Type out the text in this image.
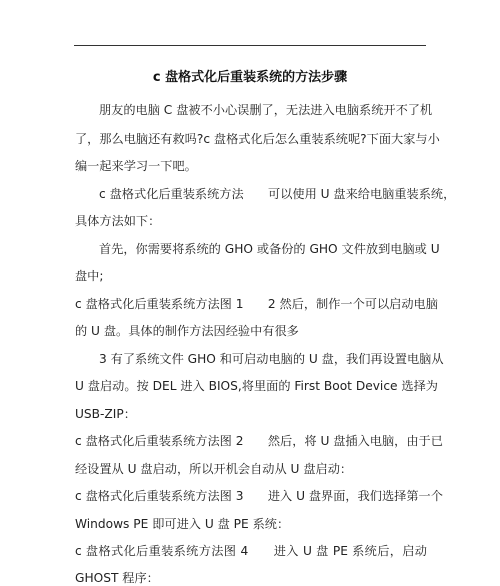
c 盘格式化后重装系统的方法步骤
朋友的电脑 C 盘被不小心误删了，无法进入电脑系统开不了机
了，那么电脑还有救吗?c 盘格式化后怎么重装系统呢?下面大家与小
编一起来学习一下吧。
c 盘格式化后重装系统方法　　可以使用 U 盘来给电脑重装系统，
具体方法如下：
首先，你需要将系统的 GHO 或备份的 GHO 文件放到电脑或 U
盘中;
c 盘格式化后重装系统方法图 1　　2 然后，制作一个可以启动电脑
的 U 盘。具体的制作方法因经验中有很多
3 有了系统文件 GHO 和可启动电脑的 U 盘，我们再设置电脑从
U 盘启动。按 DEL 进入 BIOS,将里面的 First Boot Device 选择为
USB-ZIP：
c 盘格式化后重装系统方法图 2　　然后，将 U 盘插入电脑，由于已
经设置从 U 盘启动，所以开机会自动从 U 盘启动：
c 盘格式化后重装系统方法图 3　　进入 U 盘界面，我们选择第一个
Windows PE 即可进入 U 盘 PE 系统：
c 盘格式化后重装系统方法图 4　　进入 U 盘 PE 系统后，启动
GHOST 程序：
